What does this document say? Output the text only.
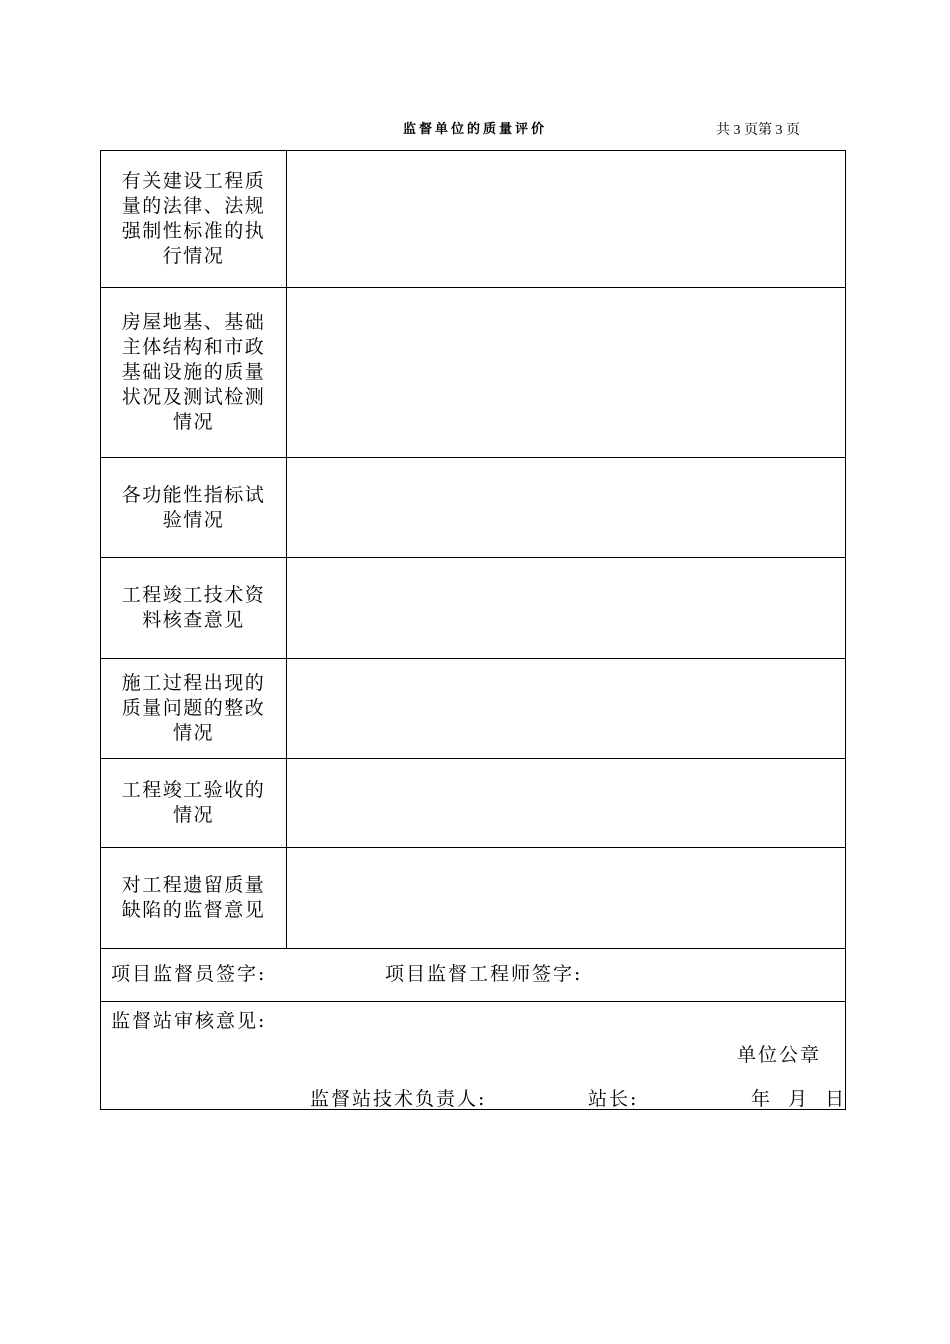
监督单位的质量评价	共 3 页第 3 页
有关建设工程质量的法律、法规强制性标准的执行情况
房屋地基、基础主体结构和市政基础设施的质量状况及测试检测情况
各功能性指标试验情况
工程竣工技术资料核查意见
施工过程出现的质量问题的整改情况
工程竣工验收的情况
对工程遗留质量缺陷的监督意见
项目监督员签字:	项目监督工程师签字:
监督站审核意见:
单位公章
监督站技术负责人:	站长:	年  月  日
